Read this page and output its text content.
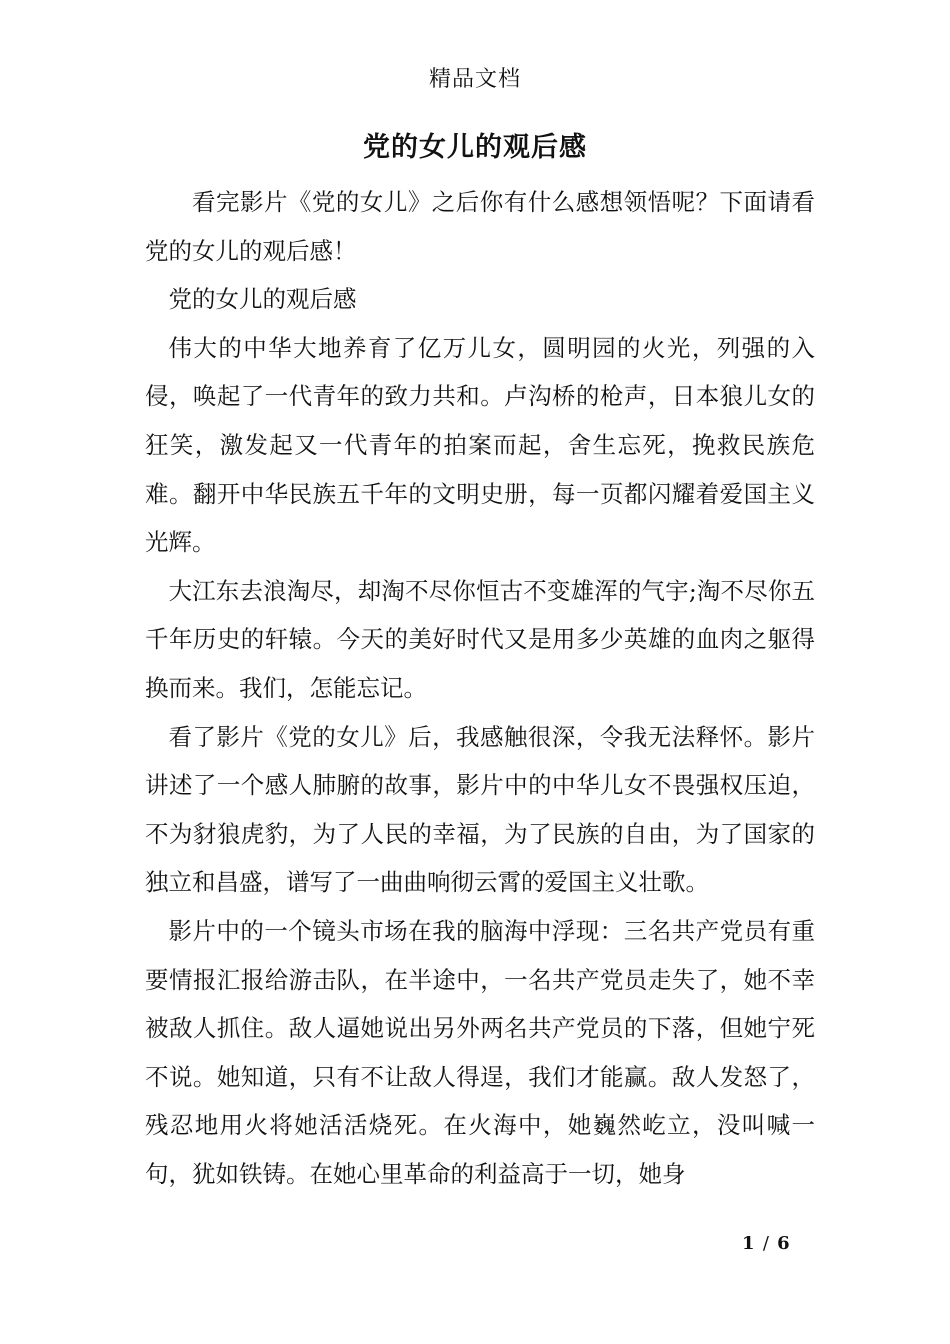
精品文档
党的女儿的观后感

看完影片《党的女儿》之后你有什么感想领悟呢？下面请看党的女儿的观后感！

党的女儿的观后感

伟大的中华大地养育了亿万儿女，圆明园的火光，列强的入侵，唤起了一代青年的致力共和。卢沟桥的枪声，日本狼儿女的狂笑，激发起又一代青年的拍案而起，舍生忘死，挽救民族危难。翻开中华民族五千年的文明史册，每一页都闪耀着爱国主义光辉。

大江东去浪淘尽，却淘不尽你恒古不变雄浑的气宇;淘不尽你五千年历史的轩辕。今天的美好时代又是用多少英雄的血肉之躯得换而来。我们，怎能忘记。

看了影片《党的女儿》后，我感触很深，令我无法释怀。影片讲述了一个感人肺腑的故事，影片中的中华儿女不畏强权压迫，不为豺狼虎豹，为了人民的幸福，为了民族的自由，为了国家的独立和昌盛，谱写了一曲曲响彻云霄的爱国主义壮歌。

影片中的一个镜头市场在我的脑海中浮现：三名共产党员有重要情报汇报给游击队，在半途中，一名共产党员走失了，她不幸被敌人抓住。敌人逼她说出另外两名共产党员的下落，但她宁死不说。她知道，只有不让敌人得逞，我们才能赢。敌人发怒了，残忍地用火将她活活烧死。在火海中，她巍然屹立，没叫喊一句，犹如铁铸。在她心里革命的利益高于一切，她身

1 / 6
